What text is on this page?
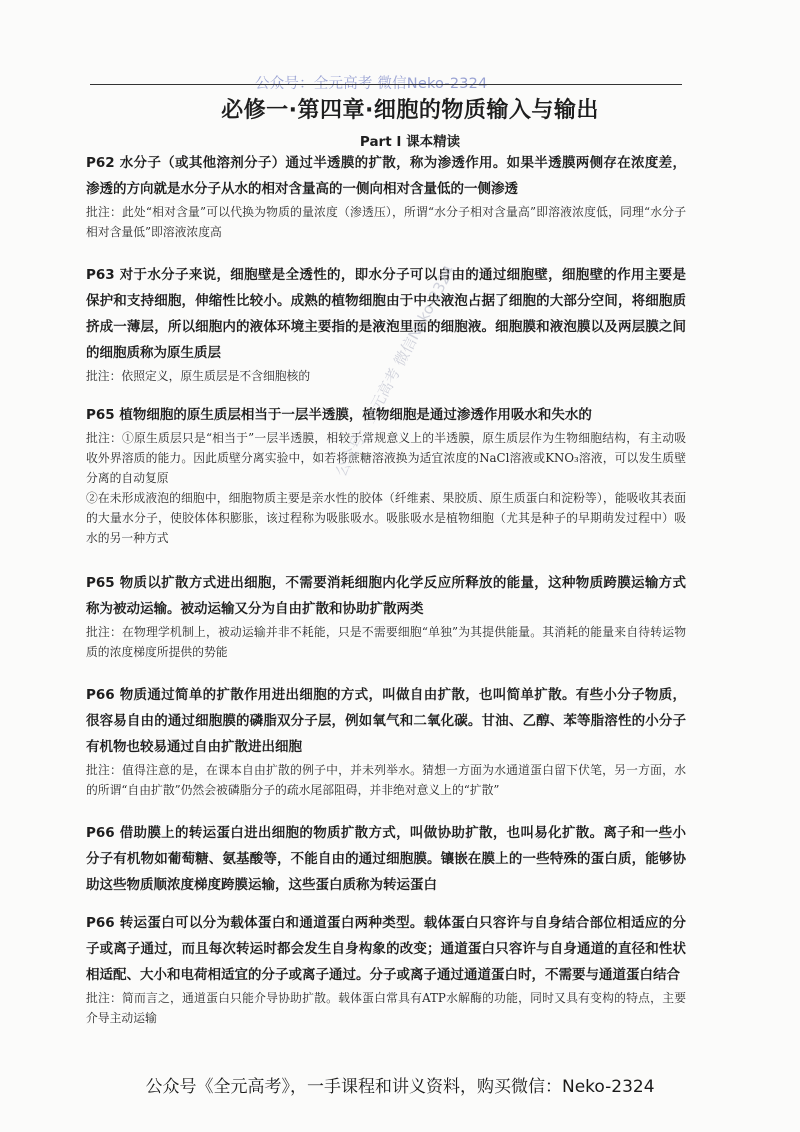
公众号：全元高考 微信Neko-2324
必修一·第四章·细胞的物质输入与输出
Part I 课本精读

P62 水分子（或其他溶剂分子）通过半透膜的扩散，称为渗透作用。如果半透膜两侧存在浓度差，渗透的方向就是水分子从水的相对含量高的一侧向相对含量低的一侧渗透

批注：此处“相对含量”可以代换为物质的量浓度（渗透压），所谓“水分子相对含量高”即溶液浓度低，同理“水分子相对含量低”即溶液浓度高

P63 对于水分子来说，细胞壁是全透性的，即水分子可以自由的通过细胞壁，细胞壁的作用主要是保护和支持细胞，伸缩性比较小。成熟的植物细胞由于中央液泡占据了细胞的大部分空间，将细胞质挤成一薄层，所以细胞内的液体环境主要指的是液泡里面的细胞液。细胞膜和液泡膜以及两层膜之间的细胞质称为原生质层

批注：依照定义，原生质层是不含细胞核的

P65 植物细胞的原生质层相当于一层半透膜，植物细胞是通过渗透作用吸水和失水的

批注：①原生质层只是“相当于”一层半透膜，相较于常规意义上的半透膜，原生质层作为生物细胞结构，有主动吸收外界溶质的能力。因此质壁分离实验中，如若将蔗糖溶液换为适宜浓度的NaCl溶液或KNO₃溶液，可以发生质壁分离的自动复原

②在未形成液泡的细胞中，细胞物质主要是亲水性的胶体（纤维素、果胶质、原生质蛋白和淀粉等），能吸收其表面的大量水分子，使胶体体积膨胀，该过程称为吸胀吸水。吸胀吸水是植物细胞（尤其是种子的早期萌发过程中）吸水的另一种方式

P65 物质以扩散方式进出细胞，不需要消耗细胞内化学反应所释放的能量，这种物质跨膜运输方式称为被动运输。被动运输又分为自由扩散和协助扩散两类

批注：在物理学机制上，被动运输并非不耗能，只是不需要细胞“单独”为其提供能量。其消耗的能量来自待转运物质的浓度梯度所提供的势能

P66 物质通过简单的扩散作用进出细胞的方式，叫做自由扩散，也叫简单扩散。有些小分子物质，很容易自由的通过细胞膜的磷脂双分子层，例如氧气和二氧化碳。甘油、乙醇、苯等脂溶性的小分子有机物也较易通过自由扩散进出细胞

批注：值得注意的是，在课本自由扩散的例子中，并未列举水。猜想一方面为水通道蛋白留下伏笔，另一方面，水的所谓“自由扩散”仍然会被磷脂分子的疏水尾部阻碍，并非绝对意义上的“扩散”

P66 借助膜上的转运蛋白进出细胞的物质扩散方式，叫做协助扩散，也叫易化扩散。离子和一些小分子有机物如葡萄糖、氨基酸等，不能自由的通过细胞膜。镶嵌在膜上的一些特殊的蛋白质，能够协助这些物质顺浓度梯度跨膜运输，这些蛋白质称为转运蛋白

P66 转运蛋白可以分为载体蛋白和通道蛋白两种类型。载体蛋白只容许与自身结合部位相适应的分子或离子通过，而且每次转运时都会发生自身构象的改变；通道蛋白只容许与自身通道的直径和性状相适配、大小和电荷相适宜的分子或离子通过。分子或离子通过通道蛋白时，不需要与通道蛋白结合

批注：简而言之，通道蛋白只能介导协助扩散。载体蛋白常具有ATP水解酶的功能，同时又具有变构的特点，主要介导主动运输

公众号：全元高考 微信Neko-2324
公众号《全元高考》，一手课程和讲义资料，购买微信：Neko-2324
